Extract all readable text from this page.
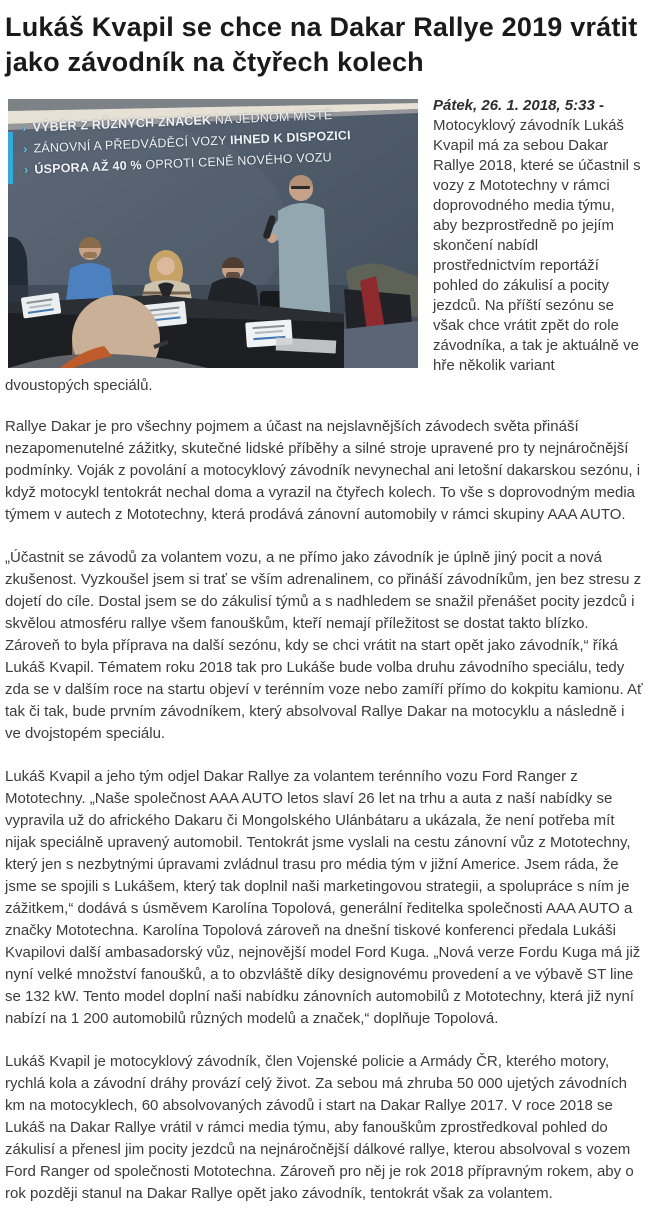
Lukáš Kvapil se chce na Dakar Rallye 2019 vrátit jako závodník na čtyřech kolech
› VÝBĚR Z RŮZNÝCH ZNAČEK NA JEDNOM MÍSTĚ
› ZÁNOVNÍ A PŘEDVÁDĚCÍ VOZY IHNED K DISPOZICI
› ÚSPORA AŽ 40 % OPROTI CENĚ NOVÉHO VOZU

Pátek, 26. 1. 2018, 5:33 - Motocyklový závodník Lukáš Kvapil má za sebou Dakar Rallye 2018, které se účastnil s vozy z Mototechny v rámci doprovodného media týmu, aby bezprostředně po jejím skončení nabídl prostřednictvím reportáží pohled do zákulisí a pocity jezdců. Na příští sezónu se však chce vrátit zpět do role závodníka, a tak je aktuálně ve hře několik variant dvoustopých speciálů.

Rallye Dakar je pro všechny pojmem a účast na nejslavnějších závodech světa přináší nezapomenutelné zážitky, skutečné lidské příběhy a silné stroje upravené pro ty nejnáročnější podmínky. Voják z povolání a motocyklový závodník nevynechal ani letošní dakarskou sezónu, i když motocykl tentokrát nechal doma a vyrazil na čtyřech kolech. To vše s doprovodným media týmem v autech z Mototechny, která prodává zánovní automobily v rámci skupiny AAA AUTO.

„Účastnit se závodů za volantem vozu, a ne přímo jako závodník je úplně jiný pocit a nová zkušenost. Vyzkoušel jsem si trať se vším adrenalinem, co přináší závodníkům, jen bez stresu z dojetí do cíle. Dostal jsem se do zákulisí týmů a s nadhledem se snažil přenášet pocity jezdců i skvělou atmosféru rallye všem fanouškům, kteří nemají příležitost se dostat takto blízko. Zároveň to byla příprava na další sezónu, kdy se chci vrátit na start opět jako závodník,“ říká Lukáš Kvapil. Tématem roku 2018 tak pro Lukáše bude volba druhu závodního speciálu, tedy zda se v dalším roce na startu objeví v terénním voze nebo zamíří přímo do kokpitu kamionu. Ať tak či tak, bude prvním závodníkem, který absolvoval Rallye Dakar na motocyklu a následně i ve dvojstopém speciálu.

Lukáš Kvapil a jeho tým odjel Dakar Rallye za volantem terénního vozu Ford Ranger z Mototechny. „Naše společnost AAA AUTO letos slaví 26 let na trhu a auta z naší nabídky se vypravila už do afrického Dakaru či Mongolského Ulánbátaru a ukázala, že není potřeba mít nijak speciálně upravený automobil. Tentokrát jsme vyslali na cestu zánovní vůz z Mototechny, který jen s nezbytnými úpravami zvládnul trasu pro média tým v jižní Americe. Jsem ráda, že jsme se spojili s Lukášem, který tak doplnil naši marketingovou strategii, a spolupráce s ním je zážitkem,“ dodává s úsměvem Karolína Topolová, generální ředitelka společnosti AAA AUTO a značky Mototechna. Karolína Topolová zároveň na dnešní tiskové konferenci předala Lukáši Kvapilovi další ambasadorský vůz, nejnovější model Ford Kuga. „Nová verze Fordu Kuga má již nyní velké množství fanoušků, a to obzvláště díky designovému provedení a ve výbavě ST line se 132 kW. Tento model doplní naši nabídku zánovních automobilů z Mototechny, která již nyní nabízí na 1 200 automobilů různých modelů a značek,“ doplňuje Topolová.

Lukáš Kvapil je motocyklový závodník, člen Vojenské policie a Armády ČR, kterého motory, rychlá kola a závodní dráhy provází celý život. Za sebou má zhruba 50 000 ujetých závodních km na motocyklech, 60 absolvovaných závodů i start na Dakar Rallye 2017. V roce 2018 se Lukáš na Dakar Rallye vrátil v rámci media týmu, aby fanouškům zprostředkoval pohled do zákulisí a přenesl jim pocity jezdců na nejnáročnější dálkové rallye, kterou absolvoval s vozem Ford Ranger od společnosti Mototechna. Zároveň pro něj je rok 2018 přípravným rokem, aby o rok později stanul na Dakar Rallye opět jako závodník, tentokrát však za volantem.
